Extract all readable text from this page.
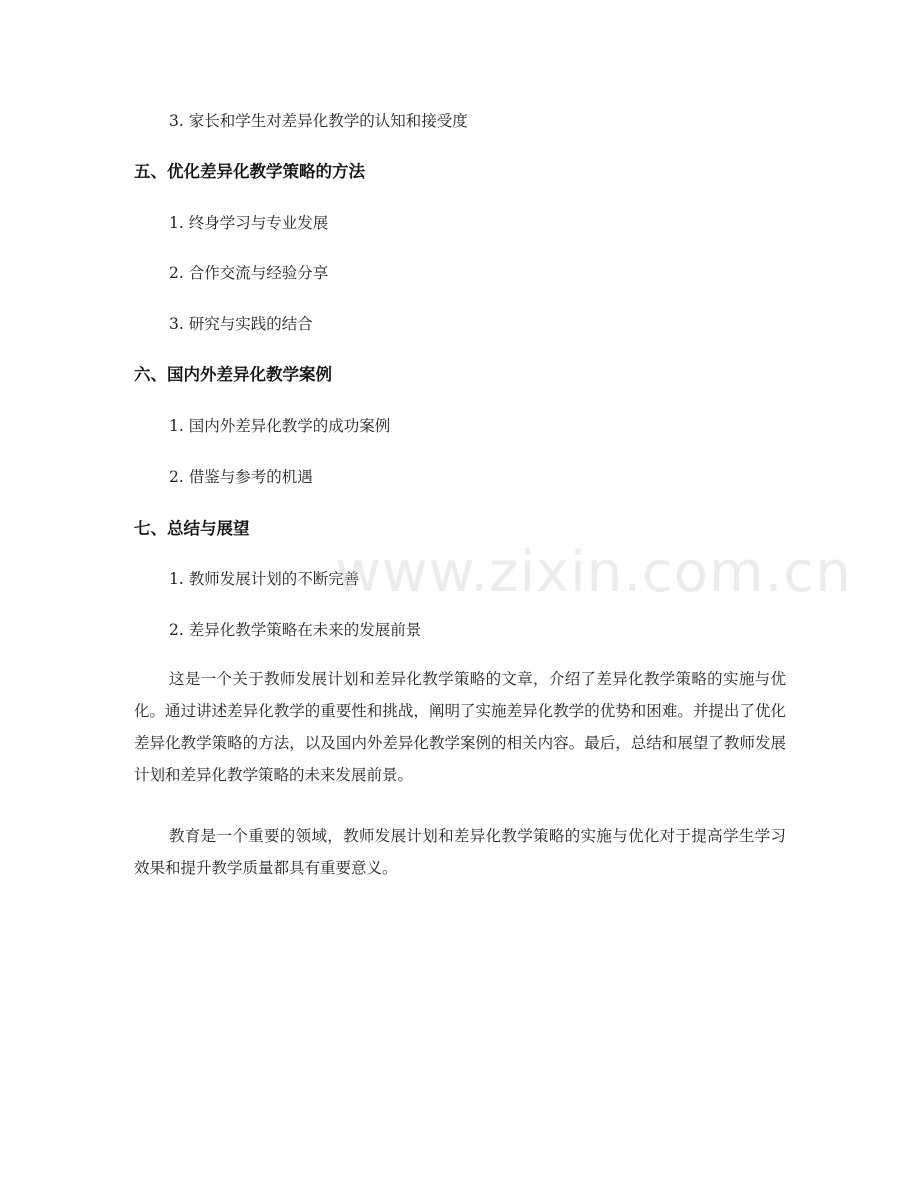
3. 家长和学生对差异化教学的认知和接受度
五、优化差异化教学策略的方法
1. 终身学习与专业发展
2. 合作交流与经验分享
3. 研究与实践的结合
六、国内外差异化教学案例
1. 国内外差异化教学的成功案例
2. 借鉴与参考的机遇
七、总结与展望
1. 教师发展计划的不断完善
2. 差异化教学策略在未来的发展前景
这是一个关于教师发展计划和差异化教学策略的文章，介绍了差异化教学策略的实施与优化。通过讲述差异化教学的重要性和挑战，阐明了实施差异化教学的优势和困难。并提出了优化差异化教学策略的方法，以及国内外差异化教学案例的相关内容。最后，总结和展望了教师发展计划和差异化教学策略的未来发展前景。
教育是一个重要的领域，教师发展计划和差异化教学策略的实施与优化对于提高学生学习效果和提升教学质量都具有重要意义。
www.zixin.com.cn
